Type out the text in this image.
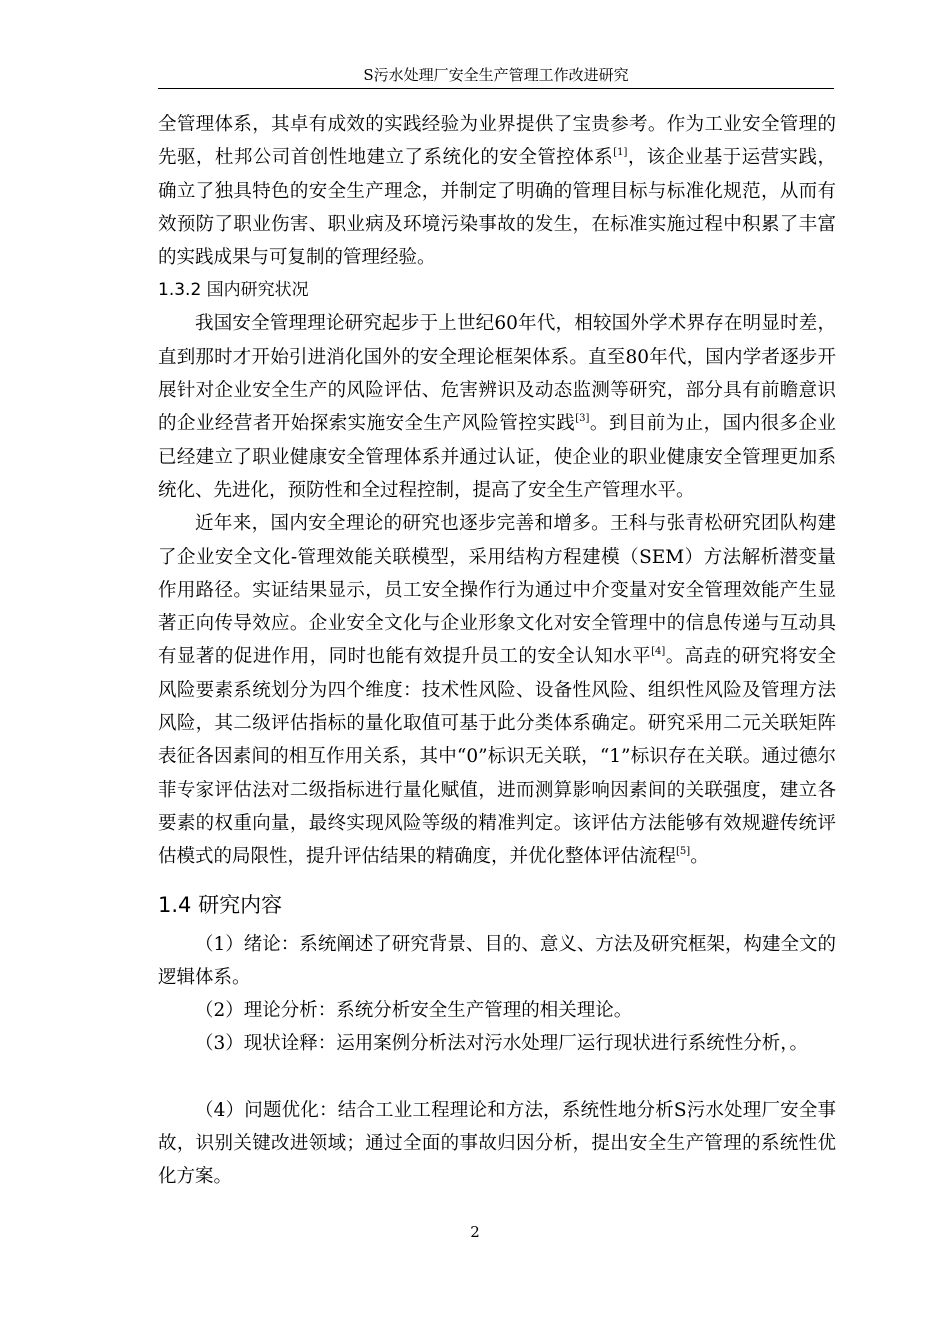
S污水处理厂安全生产管理工作改进研究

全管理体系，其卓有成效的实践经验为业界提供了宝贵参考。作为工业安全管理的先驱，杜邦公司首创性地建立了系统化的安全管控体系[1]，该企业基于运营实践，确立了独具特色的安全生产理念，并制定了明确的管理目标与标准化规范，从而有效预防了职业伤害、职业病及环境污染事故的发生，在标准实施过程中积累了丰富的实践成果与可复制的管理经验。

1.3.2 国内研究状况

我国安全管理理论研究起步于上世纪60年代，相较国外学术界存在明显时差，直到那时才开始引进消化国外的安全理论框架体系。直至80年代，国内学者逐步开展针对企业安全生产的风险评估、危害辨识及动态监测等研究，部分具有前瞻意识的企业经营者开始探索实施安全生产风险管控实践[3]。到目前为止，国内很多企业已经建立了职业健康安全管理体系并通过认证，使企业的职业健康安全管理更加系统化、先进化，预防性和全过程控制，提高了安全生产管理水平。

近年来，国内安全理论的研究也逐步完善和增多。王科与张青松研究团队构建了企业安全文化-管理效能关联模型，采用结构方程建模（SEM）方法解析潜变量作用路径。实证结果显示，员工安全操作行为通过中介变量对安全管理效能产生显著正向传导效应。企业安全文化与企业形象文化对安全管理中的信息传递与互动具有显著的促进作用，同时也能有效提升员工的安全认知水平[4]。高垚的研究将安全风险要素系统划分为四个维度：技术性风险、设备性风险、组织性风险及管理方法风险，其二级评估指标的量化取值可基于此分类体系确定。研究采用二元关联矩阵表征各因素间的相互作用关系，其中“0”标识无关联，“1”标识存在关联。通过德尔菲专家评估法对二级指标进行量化赋值，进而测算影响因素间的关联强度，建立各要素的权重向量，最终实现风险等级的精准判定。该评估方法能够有效规避传统评估模式的局限性，提升评估结果的精确度，并优化整体评估流程[5]。

1.4 研究内容

（1）绪论：系统阐述了研究背景、目的、意义、方法及研究框架，构建全文的逻辑体系。

（2）理论分析：系统分析安全生产管理的相关理论。

（3）现状诠释：运用案例分析法对污水处理厂运行现状进行系统性分析，。

（4）问题优化：结合工业工程理论和方法，系统性地分析S污水处理厂安全事故，识别关键改进领域；通过全面的事故归因分析，提出安全生产管理的系统性优化方案。

2
